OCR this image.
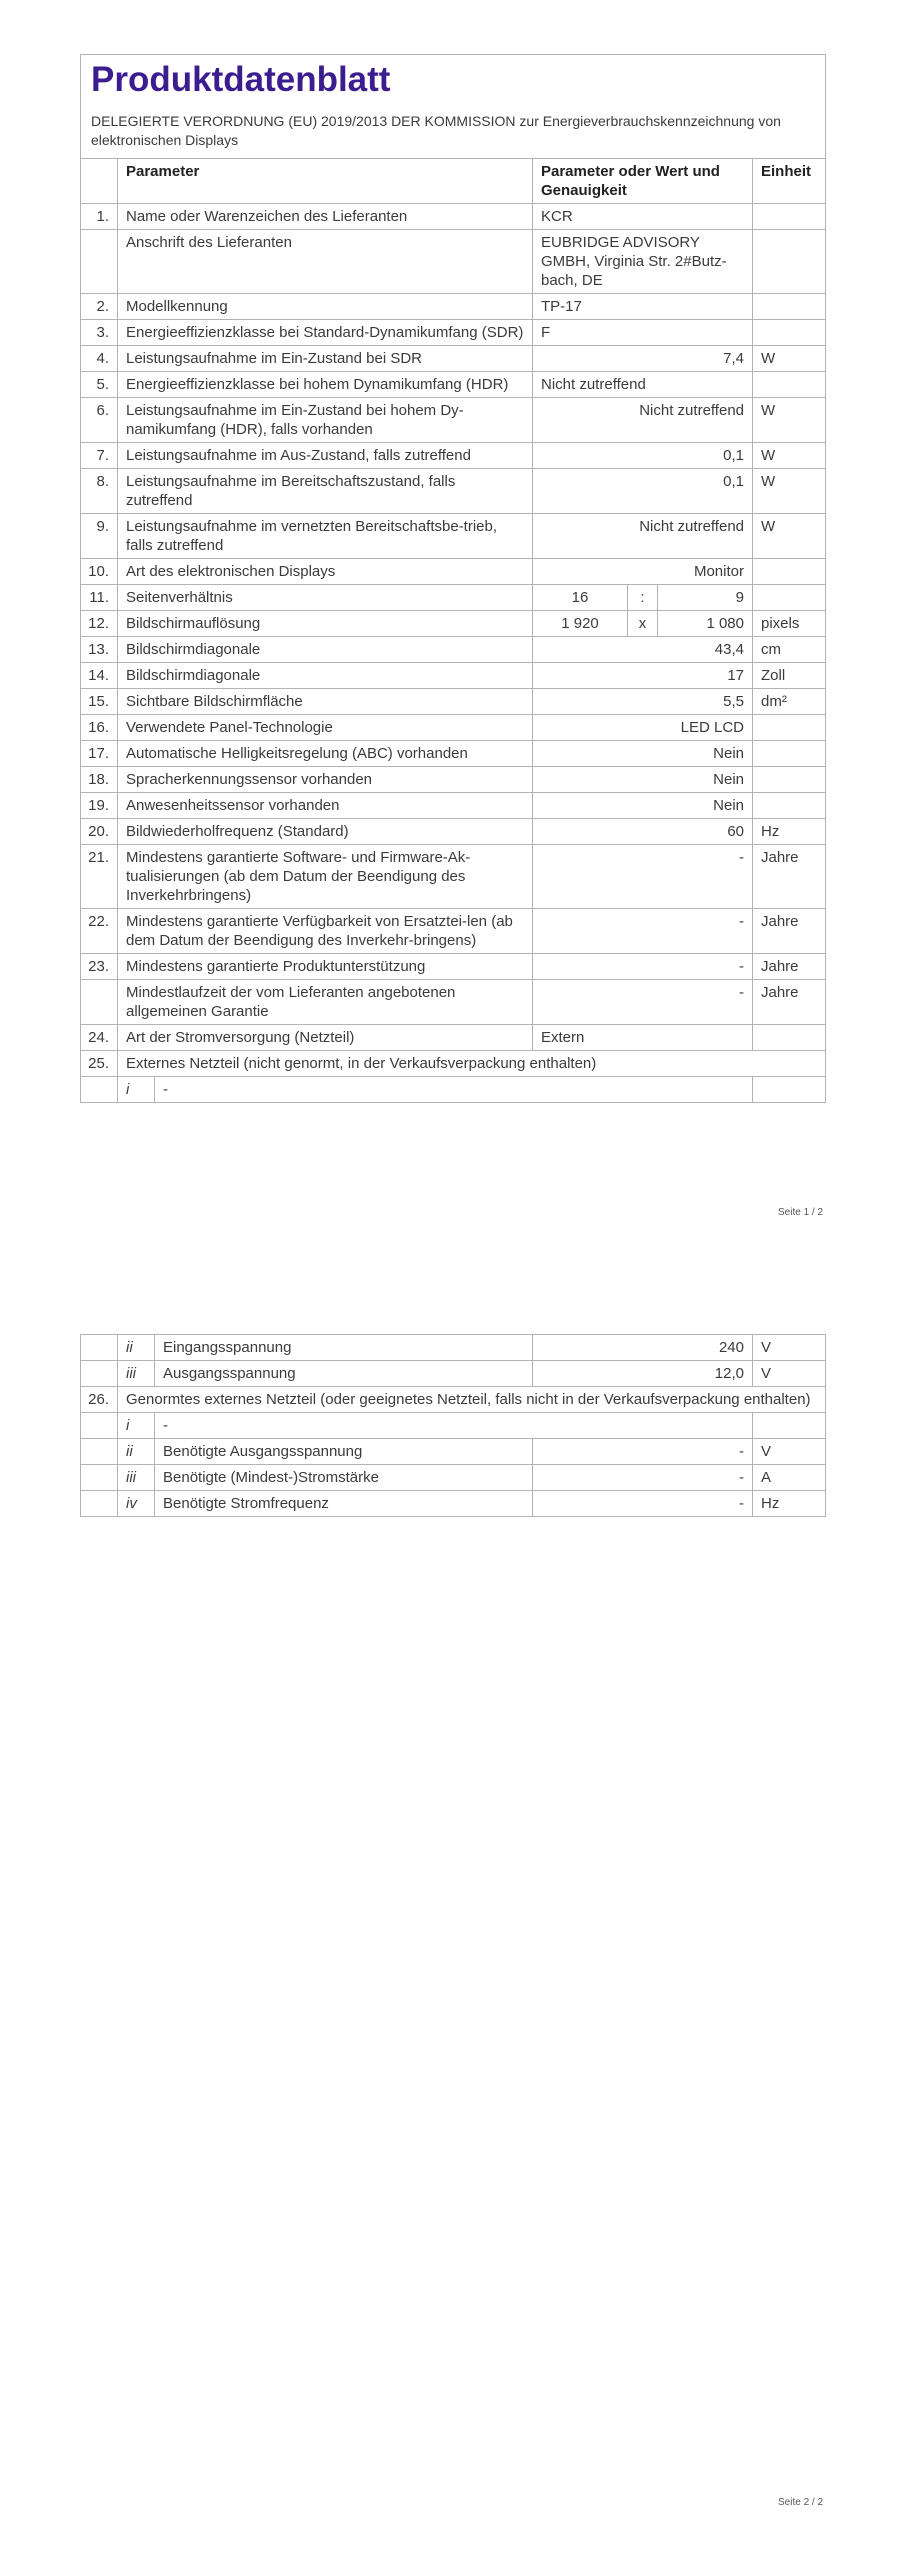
Produktdatenblatt
DELEGIERTE VERORDNUNG (EU) 2019/2013 DER KOMMISSION zur Energieverbrauchskennzeichnung von elektronischen Displays						

	Parameter		Parameter oder Wert und Genauigkeit			Einheit
1.	Name oder Warenzeichen des Lieferanten		KCR			
	Anschrift des Lieferanten		EUBRIDGE ADVISORY GMBH, Virginia Str. 2#Butz-bach, DE			
2.	Modellkennung		TP-17			
3.	Energieeffizienzklasse bei Standard-Dynamikumfang (SDR)		F			
4.	Leistungsaufnahme im Ein-Zustand bei SDR		7,4			W
5.	Energieeffizienzklasse bei hohem Dynamikumfang (HDR)		Nicht zutreffend			
6.	Leistungsaufnahme im Ein-Zustand bei hohem Dy-namikumfang (HDR), falls vorhanden		Nicht zutreffend			W
7.	Leistungsaufnahme im Aus-Zustand, falls zutreffend		0,1			W
8.	Leistungsaufnahme im Bereitschaftszustand, falls zutreffend		0,1			W
9.	Leistungsaufnahme im vernetzten Bereitschaftsbe-trieb, falls zutreffend		Nicht zutreffend			W
10.	Art des elektronischen Displays		Monitor			
11.	Seitenverhältnis		16	:	9	
12.	Bildschirmauflösung		1 920	x	1 080	pixels
13.	Bildschirmdiagonale		43,4			cm
14.	Bildschirmdiagonale		17			Zoll
15.	Sichtbare Bildschirmfläche		5,5			dm²
16.	Verwendete Panel-Technologie		LED LCD			
17.	Automatische Helligkeitsregelung (ABC) vorhanden		Nein			
18.	Spracherkennungssensor vorhanden		Nein			
19.	Anwesenheitssensor vorhanden		Nein			
20.	Bildwiederholfrequenz (Standard)		60			Hz
21.	Mindestens garantierte Software- und Firmware-Ak-tualisierungen (ab dem Datum der Beendigung des Inverkehrbringens)		-			Jahre
22.	Mindestens garantierte Verfügbarkeit von Ersatztei-len (ab dem Datum der Beendigung des Inverkehr-bringens)		-			Jahre
23.	Mindestens garantierte Produktunterstützung		-			Jahre
	Mindestlaufzeit der vom Lieferanten angebotenen allgemeinen Garantie		-			Jahre
24.	Art der Stromversorgung (Netzteil)		Extern			
25.	Externes Netzteil (nicht genormt, in der Verkaufsverpackung enthalten)					
	i	-				
Seite 1 / 2
	ii	Eingangsspannung	240	V
	iii	Ausgangsspannung	12,0	V
26.	Genormtes externes Netzteil (oder geeignetes Netzteil, falls nicht in der Verkaufsverpackung enthalten)			
	i	-		
	ii	Benötigte Ausgangsspannung	-	V
	iii	Benötigte (Mindest-)Stromstärke	-	A
	iv	Benötigte Stromfrequenz	-	Hz
Seite 2 / 2
